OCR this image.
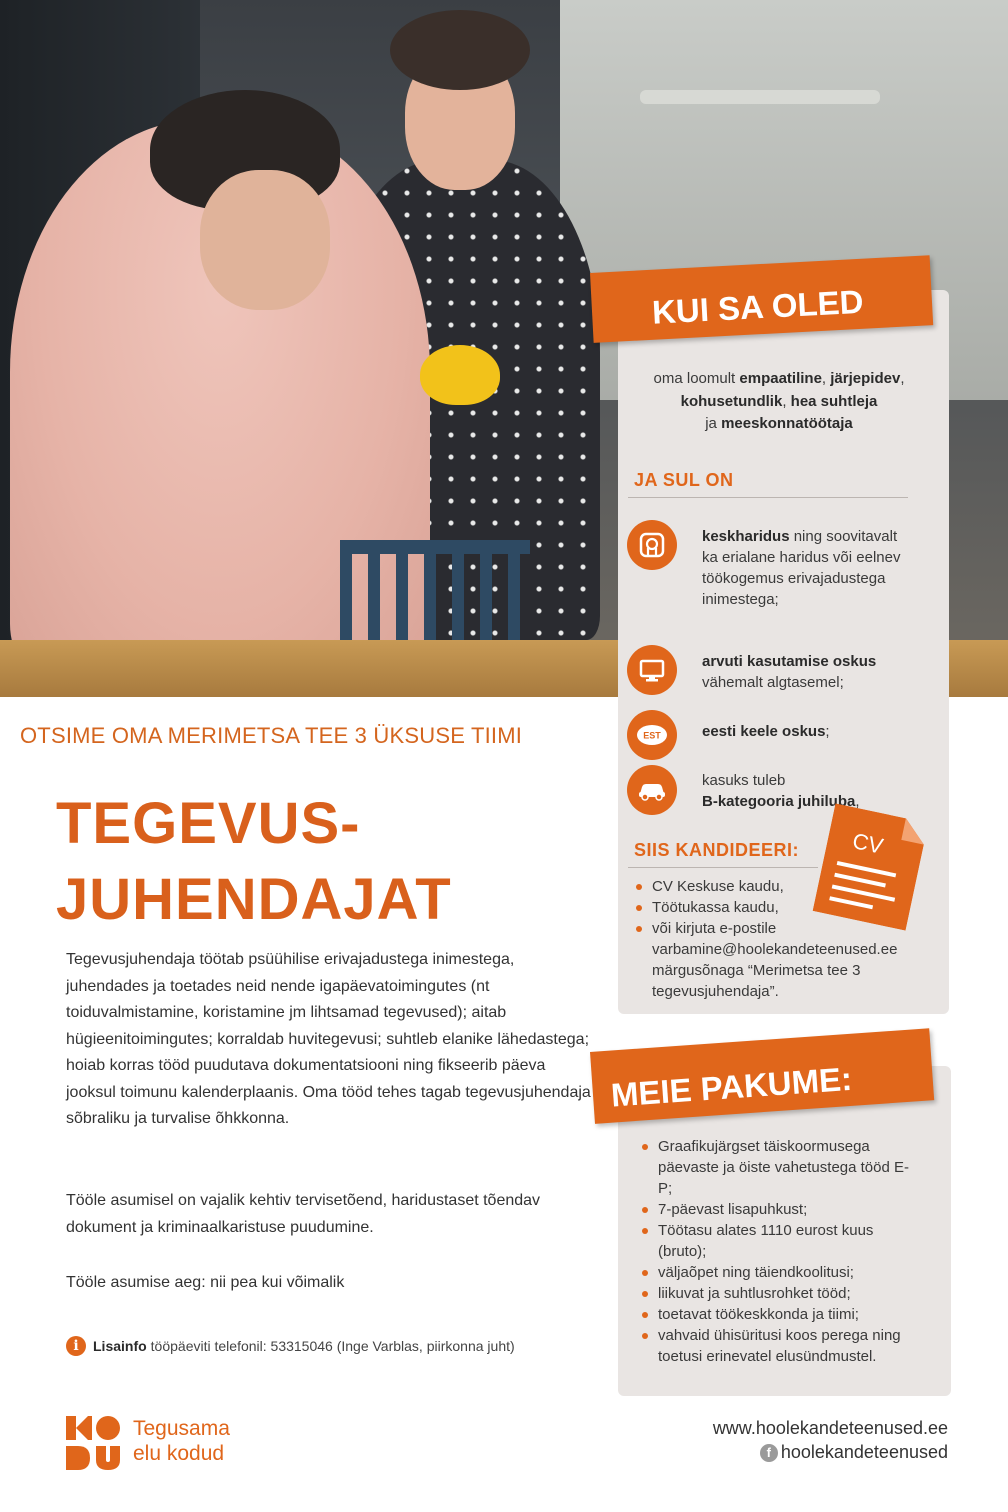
KUI SA OLED
oma loomult empaatiline, järjepidev,
kohusetundlik, hea suhtleja
ja meeskonnatöötaja
JA SUL ON
keskharidus ning soovitavalt ka erialane haridus või eelnev töökogemus erivajadustega inimestega;
arvuti kasutamise oskus
vähemalt algtasemel;
EST	eesti keele oskus;
kasuks tuleb
B-kategooria juhiluba,
CV
SIIS KANDIDEERI:
CV Keskuse kaudu,
Töötukassa kaudu,
või kirjuta e-postile
varbamine@hoolekandeteenused.ee
märgusõnaga “Merimetsa tee 3
tegevusjuhendaja”.
MEIE PAKUME:
Graafikujärgset täiskoormusega päevaste ja öiste vahetustega tööd E-P;
7-päevast lisapuhkust;
Töötasu alates 1110 eurost kuus (bruto);
väljaõpet ning täiendkoolitusi;
liikuvat ja suhtlusrohket tööd;
toetavat töökeskkonda ja tiimi;
vahvaid ühisüritusi koos perega ning toetusi erinevatel elusündmustel.
OTSIME OMA MERIMETSA TEE 3 ÜKSUSE TIIMI
TEGEVUS-
JUHENDAJAT

Tegevusjuhendaja töötab psüühilise erivajadustega inimestega, juhendades ja toetades neid nende igapäevatoimingutes (nt toiduvalmistamine, koristamine jm lihtsamad tegevused); aitab hügieenitoimingutes; korraldab huvitegevusi; suhtleb elanike lähedastega; hoiab korras tööd puudutava dokumentatsiooni ning fikseerib päeva jooksul toimunu kalenderplaanis. Oma tööd tehes tagab tegevusjuhendaja sõbraliku ja turvalise õhkkonna.

Tööle asumisel on vajalik kehtiv tervisetõend, haridustaset tõendav dokument ja kriminaalkaristuse puudumine.

Tööle asumise aeg: nii pea kui võimalik

i	Lisainfo tööpäeviti telefonil: 53315046 (Inge Varblas, piirkonna juht)
Tegusama
elu kodud
www.hoolekandeteenused.ee
f hoolekandeteenused
